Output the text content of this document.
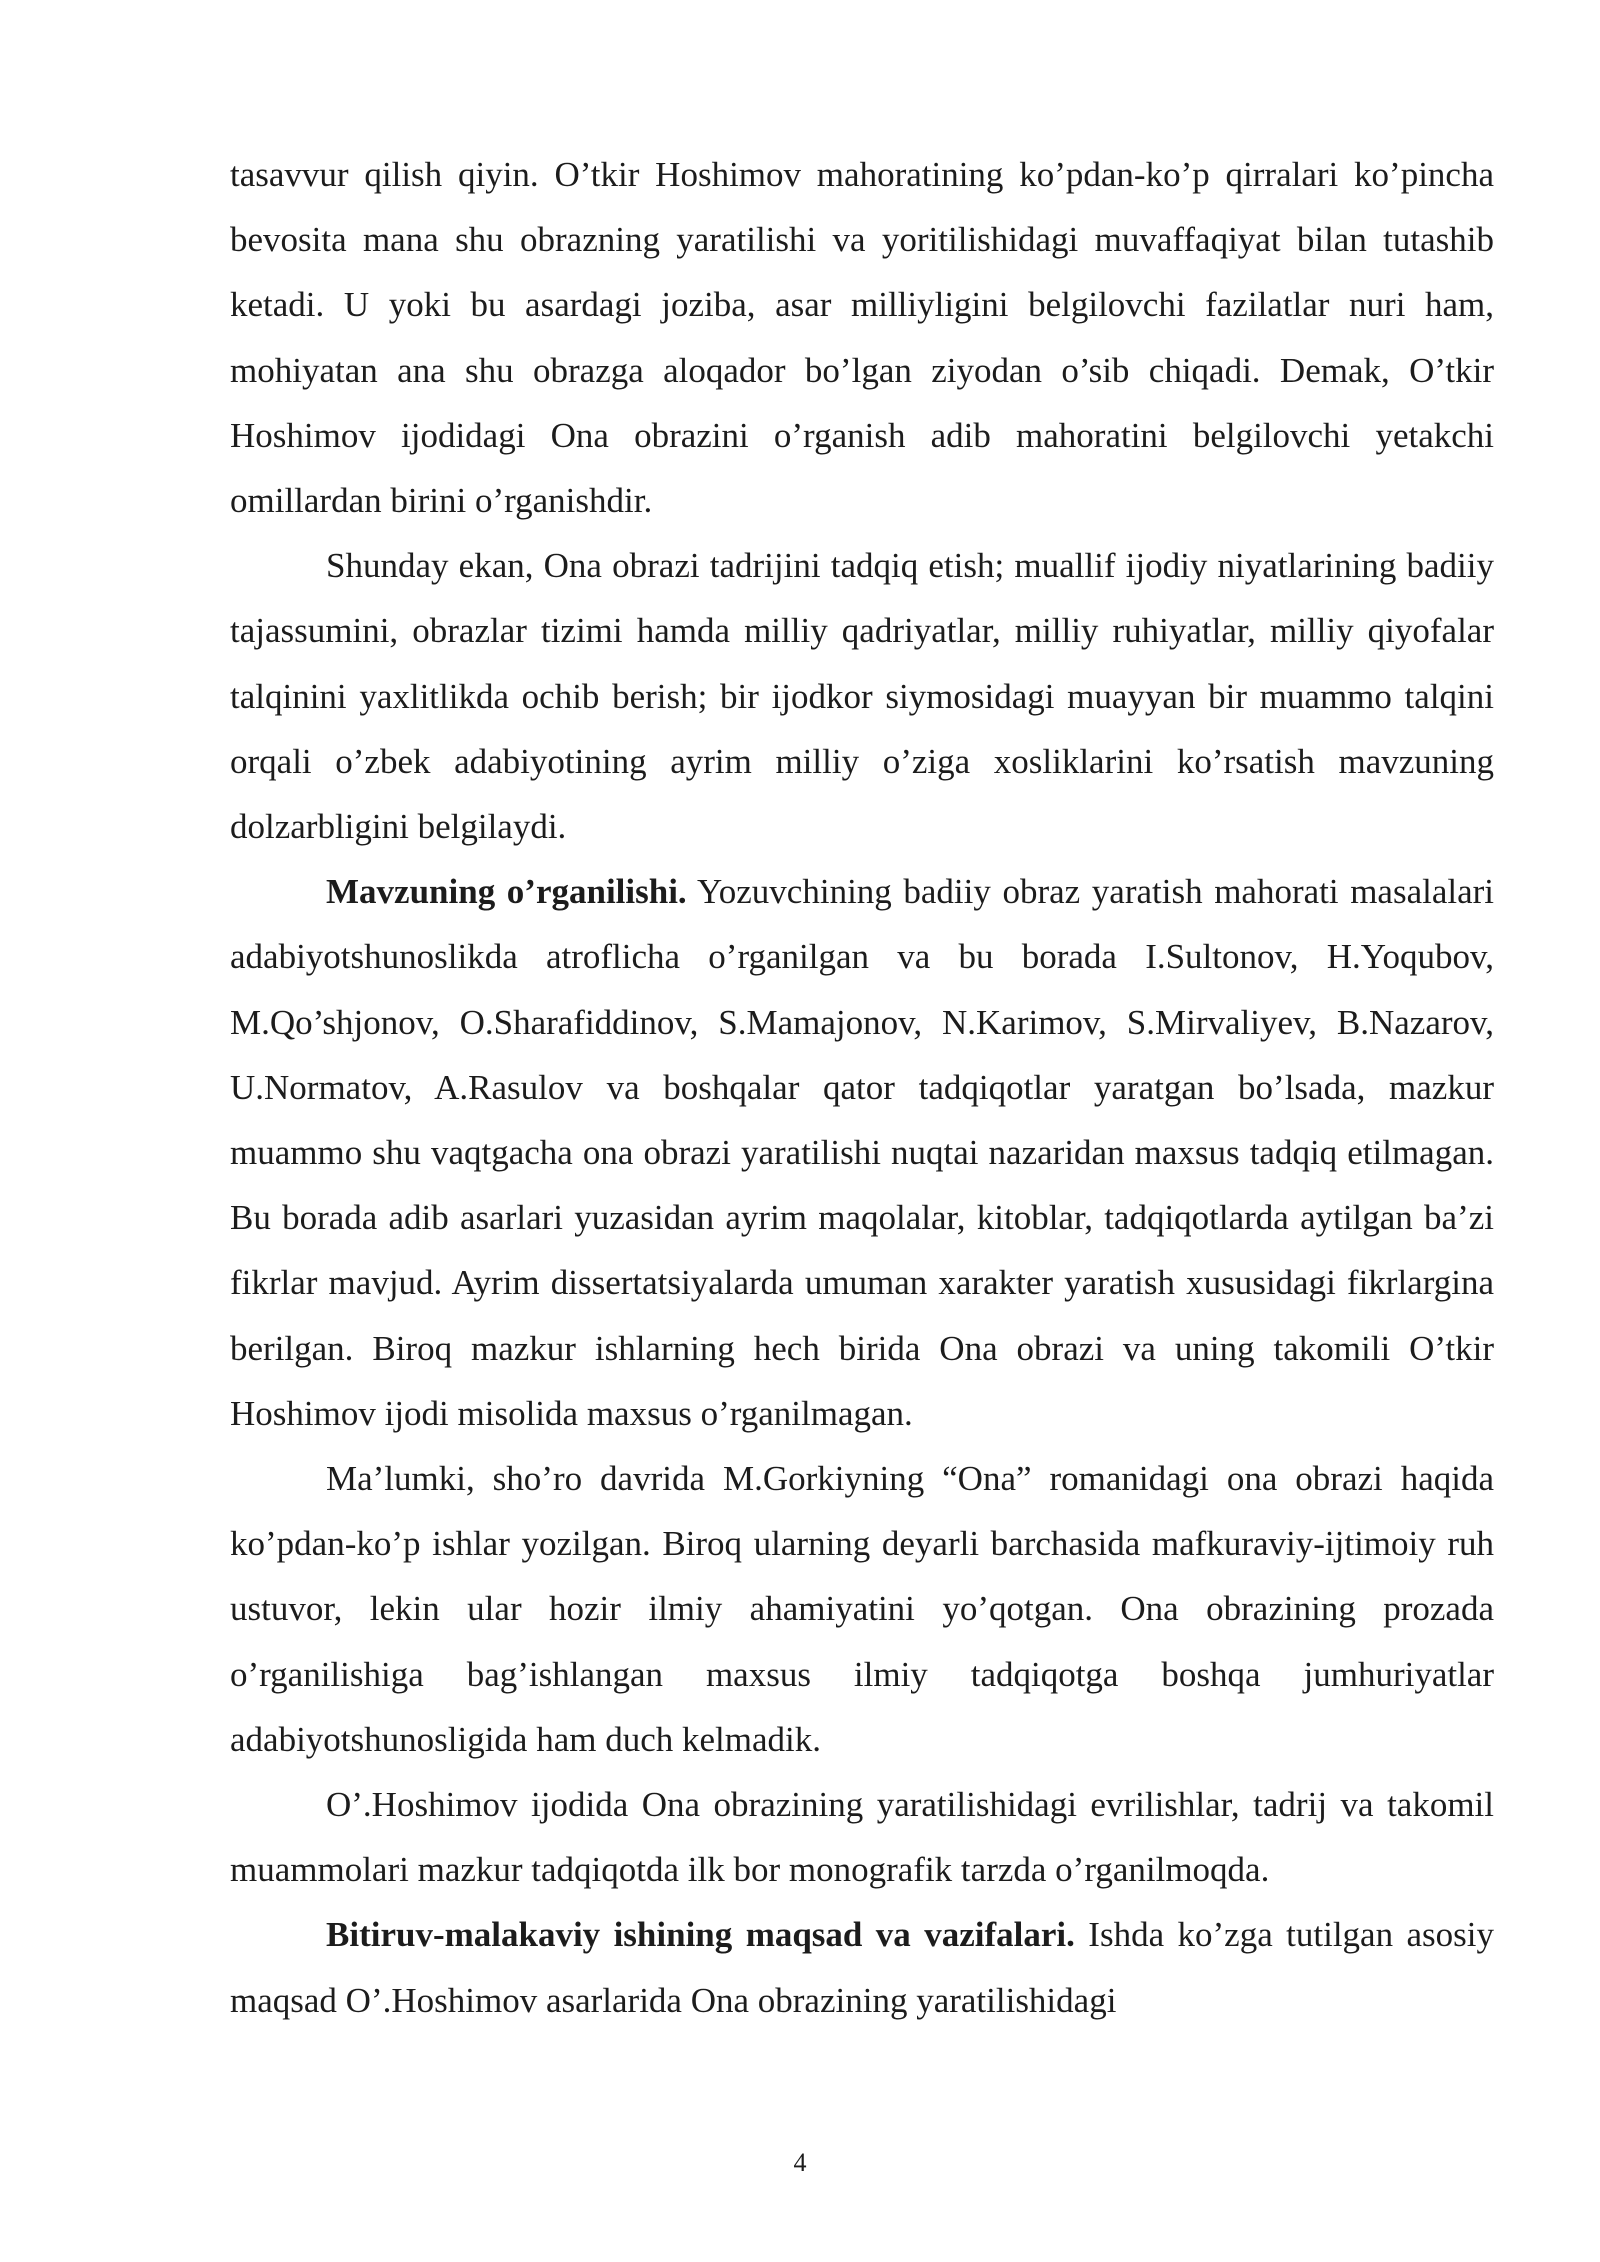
tasavvur qilish qiyin. O’tkir Hoshimov mahoratining ko’pdan-ko’p qirralari ko’pincha bevosita mana shu obrazning yaratilishi va yoritilishidagi muvaffaqiyat bilan tutashib ketadi. U yoki bu asardagi joziba, asar milliyligini belgilovchi fazilatlar nuri ham, mohiyatan ana shu obrazga aloqador bo’lgan ziyodan o’sib chiqadi. Demak, O’tkir Hoshimov ijodidagi Ona obrazini o’rganish adib mahoratini belgilovchi yetakchi omillardan birini o’rganishdir.

Shunday ekan, Ona obrazi tadrijini tadqiq etish; muallif ijodiy niyatlarining badiiy tajassumini, obrazlar tizimi hamda milliy qadriyatlar, milliy ruhiyatlar, milliy qiyofalar talqinini yaxlitlikda ochib berish; bir ijodkor siymosidagi muayyan bir muammo talqini orqali o’zbek adabiyotining ayrim milliy o’ziga xosliklarini ko’rsatish mavzuning dolzarbligini belgilaydi.

Mavzuning o’rganilishi. Yozuvchining badiiy obraz yaratish mahorati masalalari adabiyotshunoslikda atroflicha o’rganilgan va bu borada I.Sultonov, H.Yoqubov, M.Qo’shjonov, O.Sharafiddinov, S.Mamajonov, N.Karimov, S.Mirvaliyev, B.Nazarov, U.Normatov, A.Rasulov va boshqalar qator tadqiqotlar yaratgan bo’lsada, mazkur muammo shu vaqtgacha ona obrazi yaratilishi nuqtai nazaridan maxsus tadqiq etilmagan. Bu borada adib asarlari yuzasidan ayrim maqolalar, kitoblar, tadqiqotlarda aytilgan ba’zi fikrlar mavjud. Ayrim dissertatsiyalarda umuman xarakter yaratish xususidagi fikrlargina berilgan. Biroq mazkur ishlarning hech birida Ona obrazi va uning takomili O’tkir Hoshimov ijodi misolida maxsus o’rganilmagan.

Ma’lumki, sho’ro davrida M.Gorkiyning “Ona” romanidagi ona obrazi haqida ko’pdan-ko’p ishlar yozilgan. Biroq ularning deyarli barchasida mafkuraviy-ijtimoiy ruh ustuvor, lekin ular hozir ilmiy ahamiyatini yo’qotgan. Ona obrazining prozada o’rganilishiga bag’ishlangan maxsus ilmiy tadqiqotga boshqa jumhuriyatlar adabiyotshunosligida ham duch kelmadik.

O’.Hoshimov ijodida Ona obrazining yaratilishidagi evrilishlar, tadrij va takomil muammolari mazkur tadqiqotda ilk bor monografik tarzda o’rganilmoqda.

Bitiruv-malakaviy ishining maqsad va vazifalari. Ishda ko’zga tutilgan asosiy maqsad O’.Hoshimov asarlarida Ona obrazining yaratilishidagi

4
